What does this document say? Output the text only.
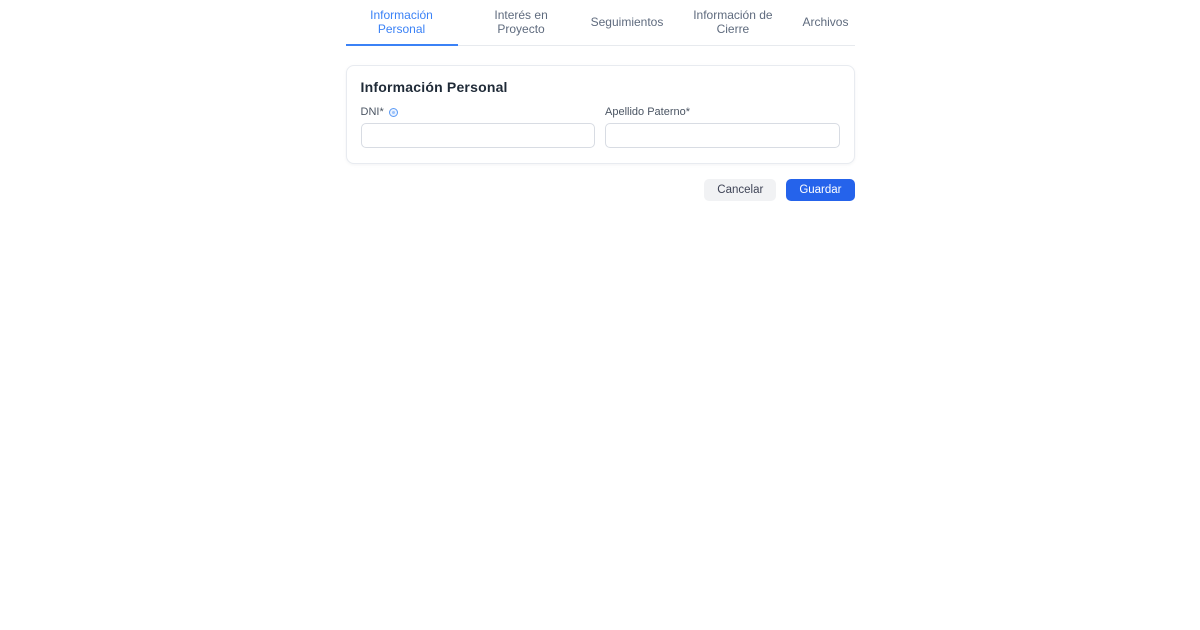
Información Personal
Interés en Proyecto	Seguimientos	Información de Cierre	Archivos
Información Personal
DNI*	Apellido Paterno*
Cancelar	Guardar
